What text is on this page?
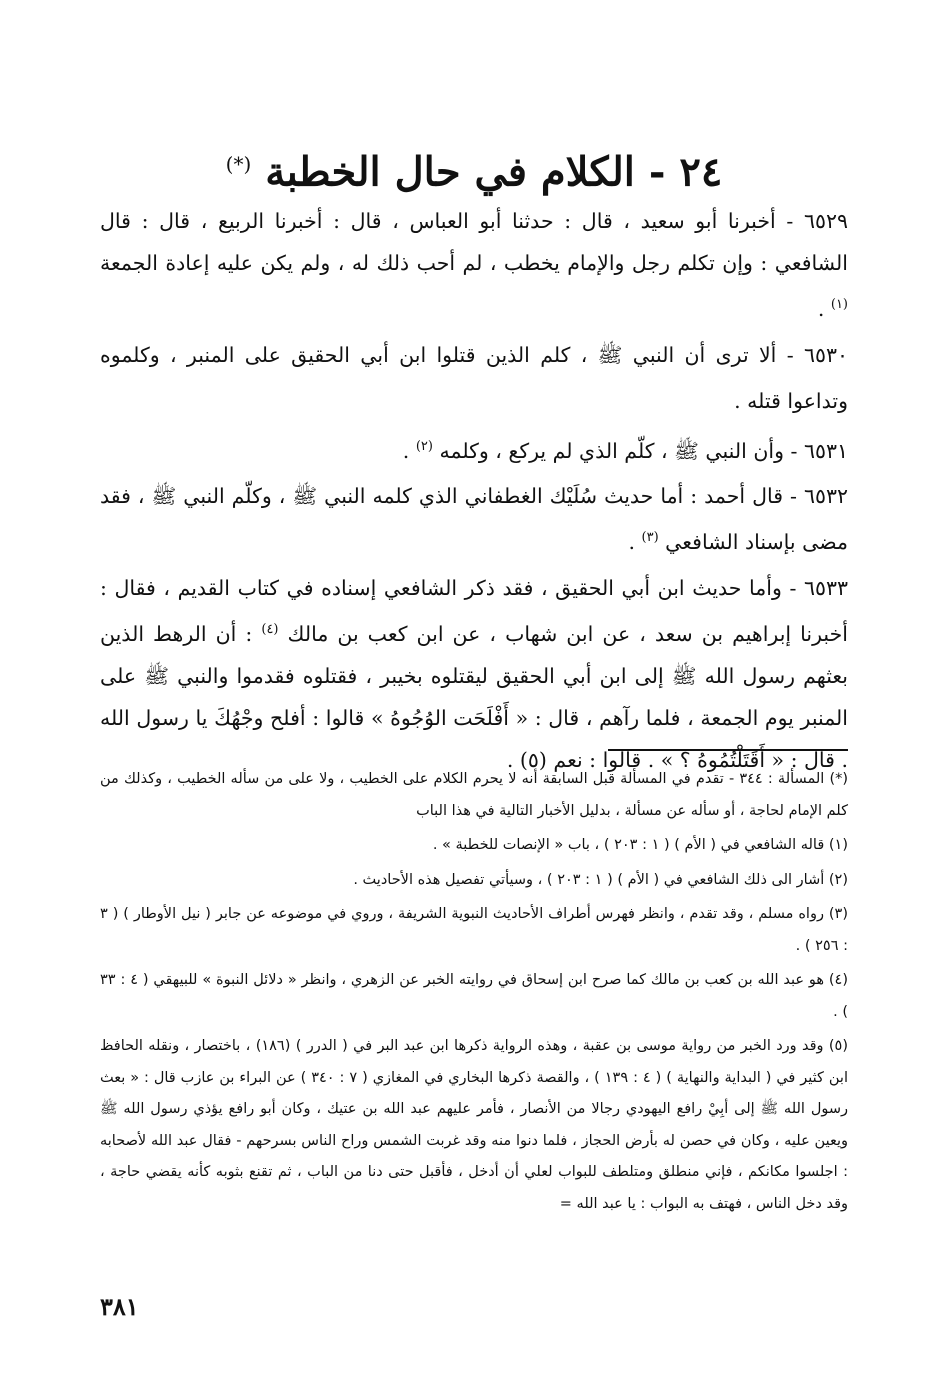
٢٤ - الكلام في حال الخطبة (*)

٦٥٢٩ - أخبرنا أبو سعيد ، قال : حدثنا أبو العباس ، قال : أخبرنا الربيع ، قال : قال الشافعي : وإن تكلم رجل والإمام يخطب ، لم أحب ذلك له ، ولم يكن عليه إعادة الجمعة $^{(١)}$ .

٦٥٣٠ - ألا ترى أن النبي ﷺ ، كلم الذين قتلوا ابن أبي الحقيق على المنبر ، وكلموه وتداعوا قتله .

٦٥٣١ - وأن النبي ﷺ ، كلّم الذي لم يركع ، وكلمه $^{(٢)}$ .

٦٥٣٢ - قال أحمد : أما حديث سُلَيْك الغطفاني الذي كلمه النبي ﷺ ، وكلّم النبي ﷺ ، فقد مضى بإسناد الشافعي $^{(٣)}$ .

٦٥٣٣ - وأما حديث ابن أبي الحقيق ، فقد ذكر الشافعي إسناده في كتاب القديم ، فقال : أخبرنا إبراهيم بن سعد ، عن ابن شهاب ، عن ابن كعب بن مالك $^{(٤)}$ : أن الرهط الذين بعثهم رسول الله ﷺ إلى ابن أبي الحقيق ليقتلوه بخيبر ، فقتلوه فقدموا والنبي ﷺ على المنبر يوم الجمعة ، فلما رآهم ، قال : « أَفْلَحَت الوُجُوهُ » قالوا : أفلح وجْهُكَ يا رسول الله . قال : « أَقَتَلْتُمُوهُ ؟ » . قالوا : نعم (٥) .

(*) المسألة : ٣٤٤ - تقدم في المسألة قبل السابقة أنه لا يحرم الكلام على الخطيب ، ولا على من سأله الخطيب ، وكذلك من كلم الإمام لحاجة ، أو سأله عن مسألة ، بدليل الأخبار التالية في هذا الباب

(١) قاله الشافعي في ( الأم ) ( ١ : ٢٠٣ ) ، باب « الإنصات للخطبة » .

(٢) أشار الى ذلك الشافعي في ( الأم ) ( ١ : ٢٠٣ ) ، وسيأتي تفصيل هذه الأحاديث .

(٣) رواه مسلم ، وقد تقدم ، وانظر فهرس أطراف الأحاديث النبوية الشريفة ، وروي في موضوعه عن جابر ( نيل الأوطار ) ( ٣ : ٢٥٦ ) .

(٤) هو عبد الله بن كعب بن مالك كما صرح ابن إسحاق في روايته الخبر عن الزهري ، وانظر « دلائل النبوة » للبيهقي ( ٤ : ٣٣ ) .

(٥) وقد ورد الخبر من رواية موسى بن عقبة ، وهذه الرواية ذكرها ابن عبد البر في ( الدرر ) (١٨٦) ، باختصار ، ونقله الحافظ ابن كثير في ( البداية والنهاية ) ( ٤ : ١٣٩ ) ، والقصة ذكرها البخاري في المغازي ( ٧ : ٣٤٠ ) عن البراء بن عازب قال : « بعث رسول الله ﷺ إلى أبِيْ رافع اليهودي رجالا من الأنصار ، فأمر عليهم عبد الله بن عتيك ، وكان أبو رافع يؤذي رسول الله ﷺ ويعين عليه ، وكان في حصن له بأرض الحجاز ، فلما دنوا منه وقد غربت الشمس وراح الناس بسرحهم - فقال عبد الله لأصحابه : اجلسوا مكانكم ، فإني منطلق ومتلطف للبواب لعلي أن أدخل ، فأقبل حتى دنا من الباب ، ثم تقنع بثوبه كأنه يقضي حاجة ، وقد دخل الناس ، فهتف به البواب : يا عبد الله =

٣٨١
